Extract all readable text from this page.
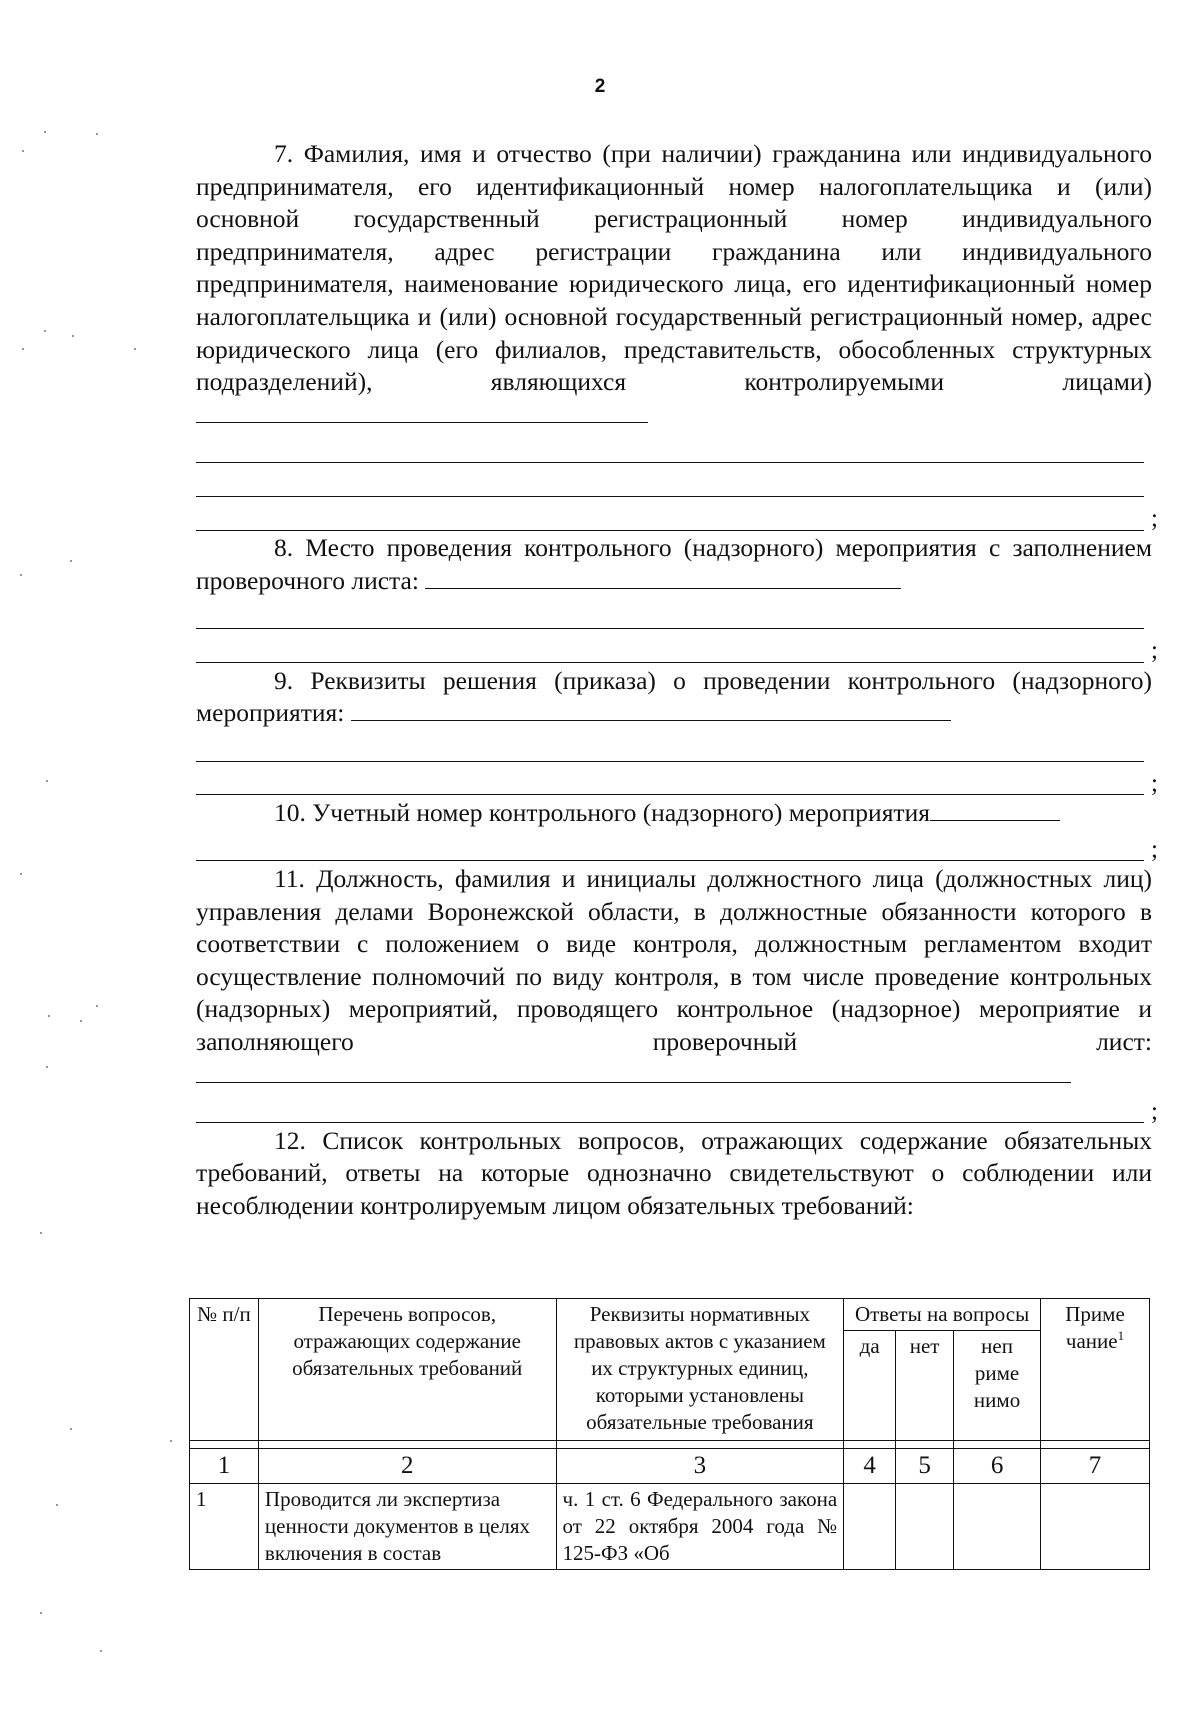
2

7. Фамилия, имя и отчество (при наличии) гражданина или индивидуального предпринимателя, его идентификационный номер налогоплательщика и (или) основной государственный регистрационный номер индивидуального предпринимателя, адрес регистрации гражданина или индивидуального предпринимателя, наименование юридического лица, его идентификационный номер налогоплательщика и (или) основной государственный регистрационный номер, адрес юридического лица (его филиалов, представительств, обособленных структурных подразделений), являющихся контролируемыми лицами)

;

8. Место проведения контрольного (надзорного) мероприятия с заполнением проверочного листа:

;

9. Реквизиты решения (приказа) о проведении контрольного (надзорного) мероприятия:

;

10. Учетный номер контрольного (надзорного) мероприятия

;

11. Должность, фамилия и инициалы должностного лица (должностных лиц) управления делами Воронежской области, в должностные обязанности которого в соответствии с положением о виде контроля, должностным регламентом входит осуществление полномочий по виду контроля, в том числе проведение контрольных (надзорных) мероприятий, проводящего контрольное (надзорное) мероприятие и заполняющего проверочный лист:

;

12. Список контрольных вопросов, отражающих содержание обязательных требований, ответы на которые однозначно свидетельствуют о соблюдении или несоблюдении контролируемым лицом обязательных требований:

№ п/п	Перечень вопросов, отражающих содержание обязательных требований	Реквизиты нормативных правовых актов с указанием их структурных единиц, которыми установлены обязательные требования	Ответы на вопросы			Приме чание$^1$
			да	нет	неп риме нимо	

1	2	3	4	5	6	7
1	Проводится ли экспертиза ценности документов в целях включения в состав	ч. 1 ст. 6 Федерального закона от 22 октября 2004 года № 125-ФЗ «Об				
